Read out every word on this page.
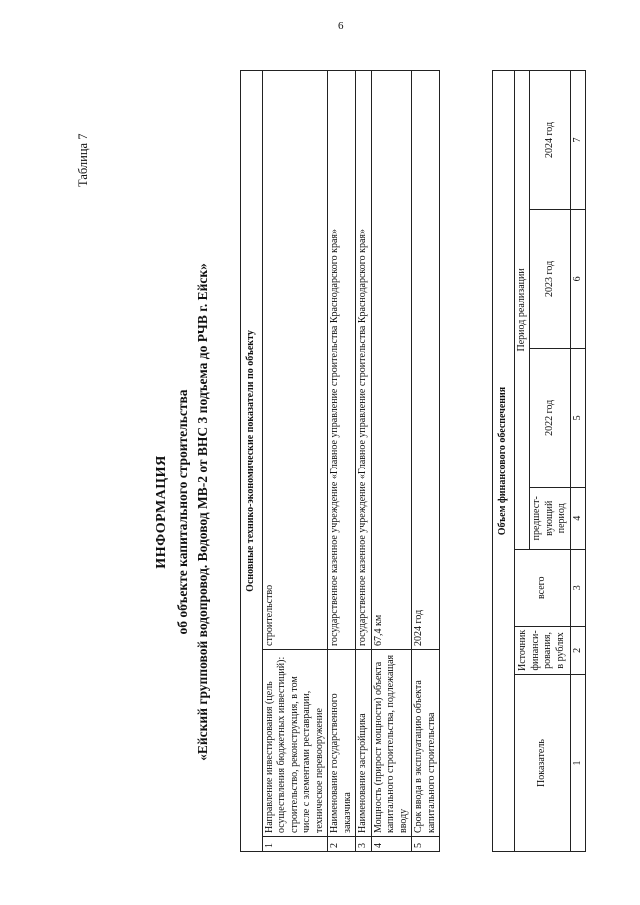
6
Таблица 7
ИНФОРМАЦИЯ об объекте капитального строительства «Ейский групповой водопровод. Водовод МВ-2 от ВНС 3 подъема до РЧВ г. Ейск»	Основные технико-экономические показатели по объекту		
1	Направление инвестирования (цель осуществления бюджетных инвестиций): строительство, реконструкция, в том числе с элементами реставрации, техническое перевооружение	строительство
2	Наименование государственного заказчика	государственное казенное учреждение «Главное управление строительства Краснодарского края»
3	Наименование застройщика	государственное казенное учреждение «Главное управление строительства Краснодарского края»
4	Мощность (прирост мощности) объекта капитального строительства, подлежащая вводу	67,4 км
5	Срок ввода в эксплуатацию объекта капитального строительства	2024 год
Объем финансового обеспечения						
Показатель	Источник финанси-рования, в рублях	всего	Период реализации			
			предшест-вующий период	2022 год	2023 год	2024 год
1	2	3	4	5	6	7
